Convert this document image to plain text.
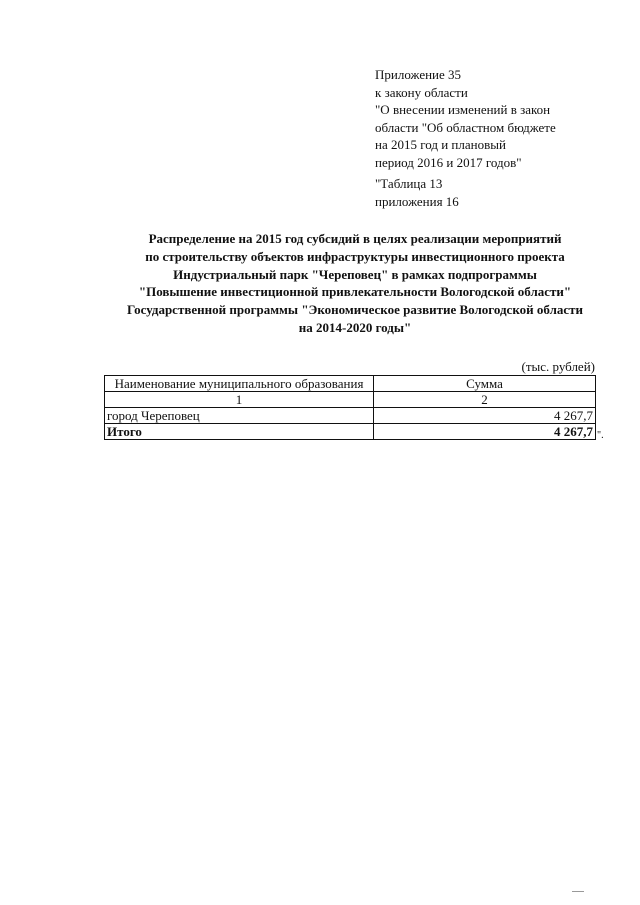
Приложение 35
к закону области
"О внесении изменений в закон
области "Об областном бюджете
на 2015 год и плановый
период 2016 и 2017 годов"
"Таблица 13
приложения 16
Распределение на 2015 год субсидий в целях реализации мероприятий
по строительству объектов инфраструктуры инвестиционного проекта
Индустриальный парк "Череповец" в рамках подпрограммы
"Повышение инвестиционной привлекательности Вологодской области"
Государственной программы "Экономическое развитие Вологодской области
на 2014-2020 годы"
(тыс. рублей)
Наименование муниципального образования	Сумма
1	2
город Череповец	4 267,7
Итого	4 267,7 ".
